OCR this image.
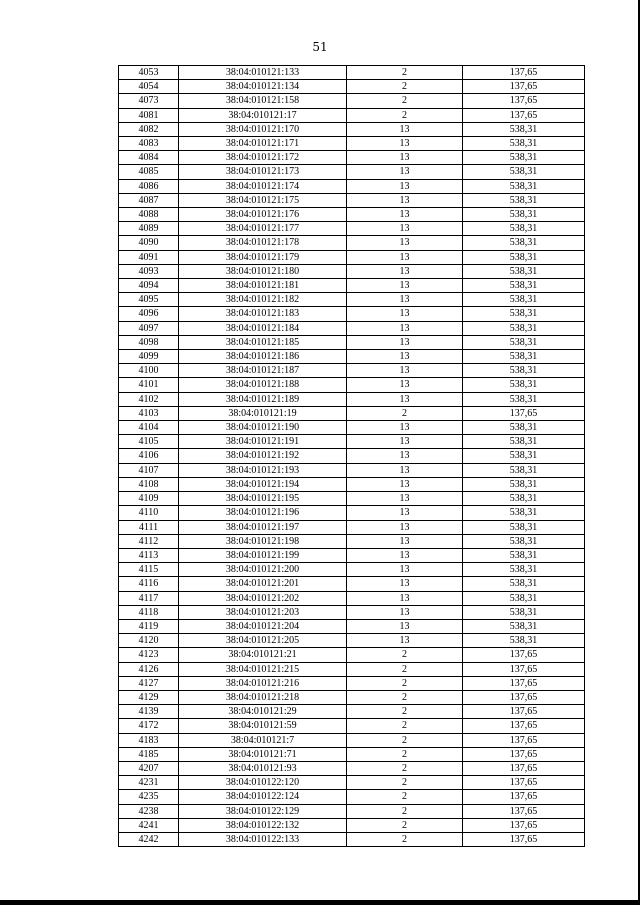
51
4053	38:04:010121:133	2	137,65
4054	38:04:010121:134	2	137,65
4073	38:04:010121:158	2	137,65
4081	38:04:010121:17	2	137,65
4082	38:04:010121:170	13	538,31
4083	38:04:010121:171	13	538,31
4084	38:04:010121:172	13	538,31
4085	38:04:010121:173	13	538,31
4086	38:04:010121:174	13	538,31
4087	38:04:010121:175	13	538,31
4088	38:04:010121:176	13	538,31
4089	38:04:010121:177	13	538,31
4090	38:04:010121:178	13	538,31
4091	38:04:010121:179	13	538,31
4093	38:04:010121:180	13	538,31
4094	38:04:010121:181	13	538,31
4095	38:04:010121:182	13	538,31
4096	38:04:010121:183	13	538,31
4097	38:04:010121:184	13	538,31
4098	38:04:010121:185	13	538,31
4099	38:04:010121:186	13	538,31
4100	38:04:010121:187	13	538,31
4101	38:04:010121:188	13	538,31
4102	38:04:010121:189	13	538,31
4103	38:04:010121:19	2	137,65
4104	38:04:010121:190	13	538,31
4105	38:04:010121:191	13	538,31
4106	38:04:010121:192	13	538,31
4107	38:04:010121:193	13	538,31
4108	38:04:010121:194	13	538,31
4109	38:04:010121:195	13	538,31
4110	38:04:010121:196	13	538,31
4111	38:04:010121:197	13	538,31
4112	38:04:010121:198	13	538,31
4113	38:04:010121:199	13	538,31
4115	38:04:010121:200	13	538,31
4116	38:04:010121:201	13	538,31
4117	38:04:010121:202	13	538,31
4118	38:04:010121:203	13	538,31
4119	38:04:010121:204	13	538,31
4120	38:04:010121:205	13	538,31
4123	38:04:010121:21	2	137,65
4126	38:04:010121:215	2	137,65
4127	38:04:010121:216	2	137,65
4129	38:04:010121:218	2	137,65
4139	38:04:010121:29	2	137,65
4172	38:04:010121:59	2	137,65
4183	38:04:010121:7	2	137,65
4185	38:04:010121:71	2	137,65
4207	38:04:010121:93	2	137,65
4231	38:04:010122:120	2	137,65
4235	38:04:010122:124	2	137,65
4238	38:04:010122:129	2	137,65
4241	38:04:010122:132	2	137,65
4242	38:04:010122:133	2	137,65
